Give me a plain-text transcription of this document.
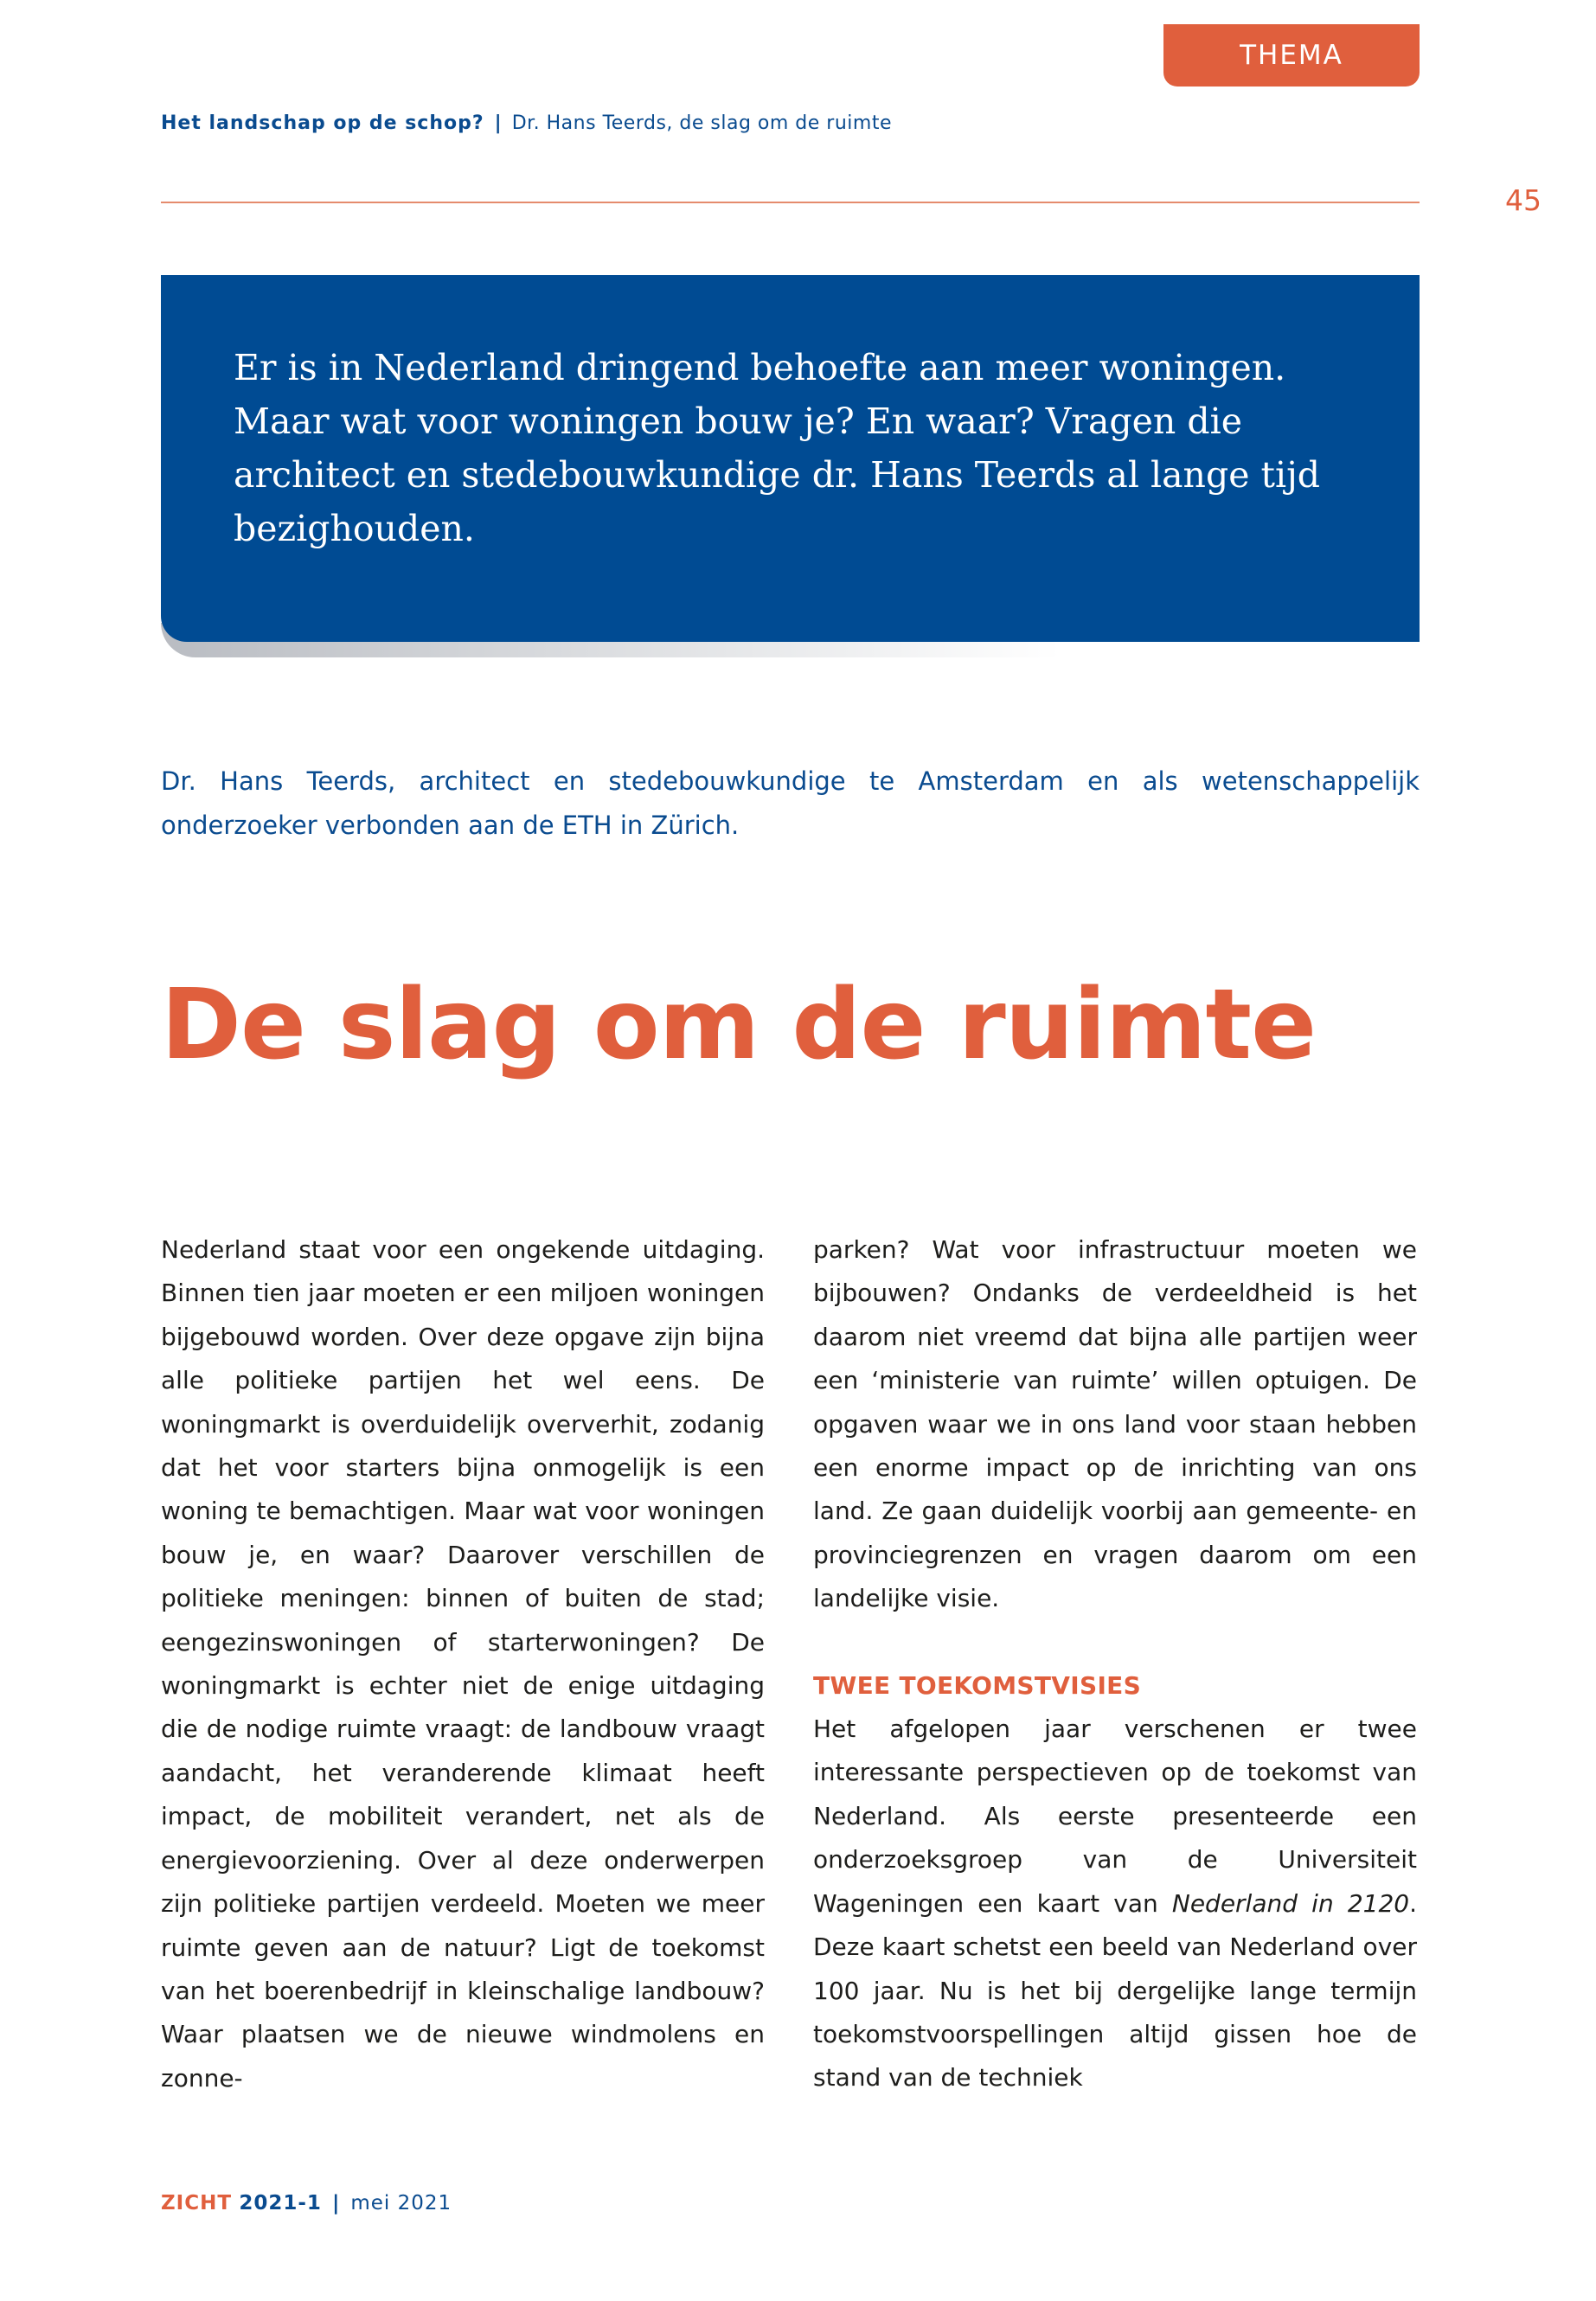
THEMA
Het landschap op de schop? | Dr. Hans Teerds, de slag om de ruimte
45

Er is in Nederland dringend behoefte aan meer woningen. Maar wat voor woningen bouw je? En waar? Vragen die architect en stedebouwkundige dr. Hans Teerds al lange tijd bezighouden.

Dr. Hans Teerds, architect en stedebouwkundige te Amsterdam en als wetenschappelijk onderzoeker verbonden aan de ETH in Zürich.

De slag om de ruimte

Nederland staat voor een ongekende uitdaging. Binnen tien jaar moeten er een miljoen woningen bijgebouwd worden. Over deze opgave zijn bijna alle politieke partijen het wel eens. De woningmarkt is overduidelijk oververhit, zodanig dat het voor starters bijna onmogelijk is een woning te bemachtigen. Maar wat voor woningen bouw je, en waar? Daarover verschillen de politieke meningen: binnen of buiten de stad; eengezinswoningen of starterwoningen? De woningmarkt is echter niet de enige uitdaging die de nodige ruimte vraagt: de landbouw vraagt aandacht, het veranderende klimaat heeft impact, de mobiliteit verandert, net als de energievoorziening. Over al deze onderwerpen zijn politieke partijen verdeeld. Moeten we meer ruimte geven aan de natuur? Ligt de toekomst van het boerenbedrijf in kleinschalige landbouw? Waar plaatsen we de nieuwe windmolens en zonne-

parken? Wat voor infrastructuur moeten we bijbouwen? Ondanks de verdeeldheid is het daarom niet vreemd dat bijna alle partijen weer een ‘ministerie van ruimte’ willen optuigen. De opgaven waar we in ons land voor staan hebben een enorme impact op de inrichting van ons land. Ze gaan duidelijk voorbij aan gemeente- en provinciegrenzen en vragen daarom om een landelijke visie.

TWEE TOEKOMSTVISIES

Het afgelopen jaar verschenen er twee interessante perspectieven op de toekomst van Nederland. Als eerste presenteerde een onderzoeksgroep van de Universiteit Wageningen een kaart van Nederland in 2120. Deze kaart schetst een beeld van Nederland over 100 jaar. Nu is het bij dergelijke lange termijn toekomstvoorspellingen altijd gissen hoe de stand van de techniek

ZICHT 2021-1 | mei 2021
